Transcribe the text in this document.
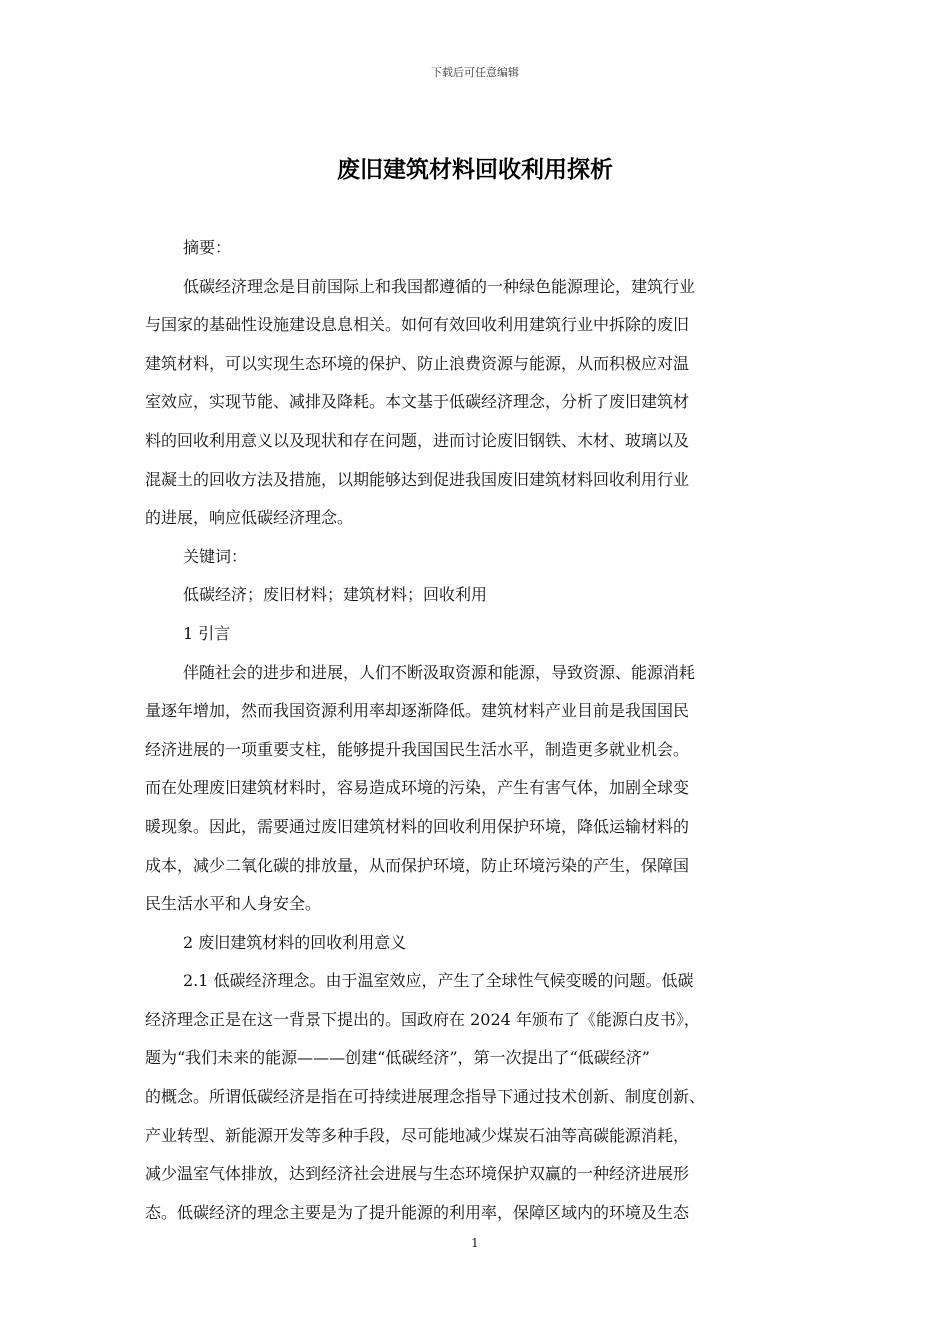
下载后可任意编辑
废旧建筑材料回收利用探析
摘要：
低碳经济理念是目前国际上和我国都遵循的一种绿色能源理论，建筑行业
与国家的基础性设施建设息息相关。如何有效回收利用建筑行业中拆除的废旧
建筑材料，可以实现生态环境的保护、防止浪费资源与能源，从而积极应对温
室效应，实现节能、减排及降耗。本文基于低碳经济理念，分析了废旧建筑材
料的回收利用意义以及现状和存在问题，进而讨论废旧钢铁、木材、玻璃以及
混凝土的回收方法及措施，以期能够达到促进我国废旧建筑材料回收利用行业
的进展，响应低碳经济理念。
关键词：
低碳经济；废旧材料；建筑材料；回收利用
1 引言
伴随社会的进步和进展，人们不断汲取资源和能源，导致资源、能源消耗
量逐年增加，然而我国资源利用率却逐渐降低。建筑材料产业目前是我国国民
经济进展的一项重要支柱，能够提升我国国民生活水平，制造更多就业机会。
而在处理废旧建筑材料时，容易造成环境的污染，产生有害气体，加剧全球变
暖现象。因此，需要通过废旧建筑材料的回收利用保护环境，降低运输材料的
成本，减少二氧化碳的排放量，从而保护环境，防止环境污染的产生，保障国
民生活水平和人身安全。
2 废旧建筑材料的回收利用意义
2.1 低碳经济理念。由于温室效应，产生了全球性气候变暖的问题。低碳
经济理念正是在这一背景下提出的。国政府在 2024 年颁布了《能源白皮书》，
题为“我们未来的能源———创建“低碳经济”，第一次提出了“低碳经济”
的概念。所谓低碳经济是指在可持续进展理念指导下通过技术创新、制度创新、
产业转型、新能源开发等多种手段，尽可能地减少煤炭石油等高碳能源消耗，
减少温室气体排放，达到经济社会进展与生态环境保护双赢的一种经济进展形
态。低碳经济的理念主要是为了提升能源的利用率，保障区域内的环境及生态
1
